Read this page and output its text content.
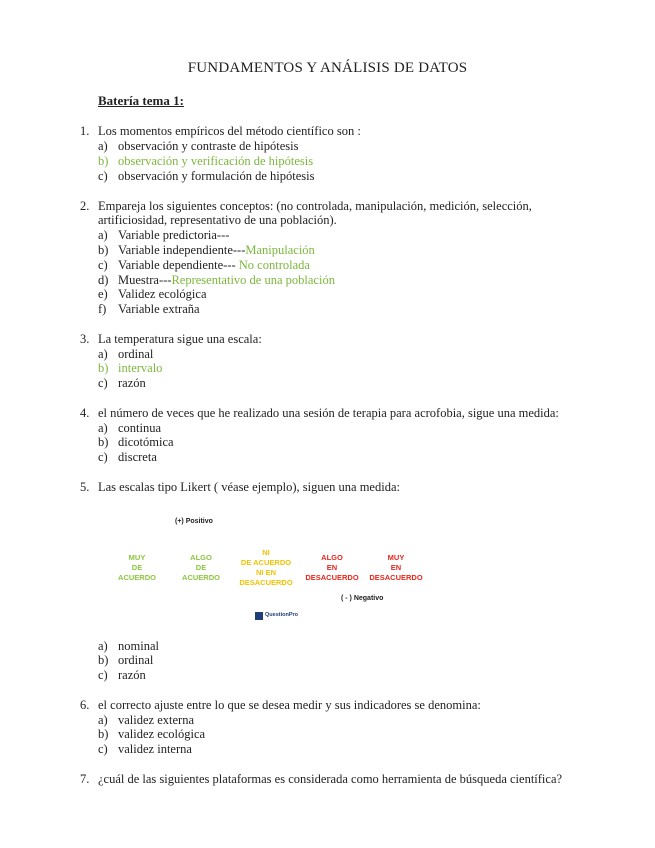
FUNDAMENTOS Y ANÁLISIS DE DATOS
Batería tema 1:
1. Los momentos empíricos del método científico son :
a) observación y contraste de hipótesis
b) observación y verificación de hipótesis
c) observación y formulación de hipótesis
2. Empareja los siguientes conceptos: (no controlada, manipulación, medición, selección,
artificiosidad, representativo de una población).
a) Variable predictoria---
b) Variable independiente---Manipulación
c) Variable dependiente--- No controlada
d) Muestra---Representativo de una población
e) Validez ecológica
f) Variable extraña
3. La temperatura sigue una escala:
a) ordinal
b) intervalo
c) razón
4. el número de veces que he realizado una sesión de terapia para acrofobia, sigue una medida:
a) continua
b) dicotómica
c) discreta
5. Las escalas tipo Likert ( véase ejemplo), siguen una medida:
(+) Positivo
MUY
DE
ACUERDO
ALGO
DE
ACUERDO
NI
DE ACUERDO
NI EN
DESACUERDO
ALGO
EN
DESACUERDO
MUY
EN
DESACUERDO
( - ) Negativo
QuestionPro
a) nominal
b) ordinal
c) razón
6. el correcto ajuste entre lo que se desea medir y sus indicadores se denomina:
a) validez externa
b) validez ecológica
c) validez interna
7. ¿cuál de las siguientes plataformas es considerada como herramienta de búsqueda científica?
